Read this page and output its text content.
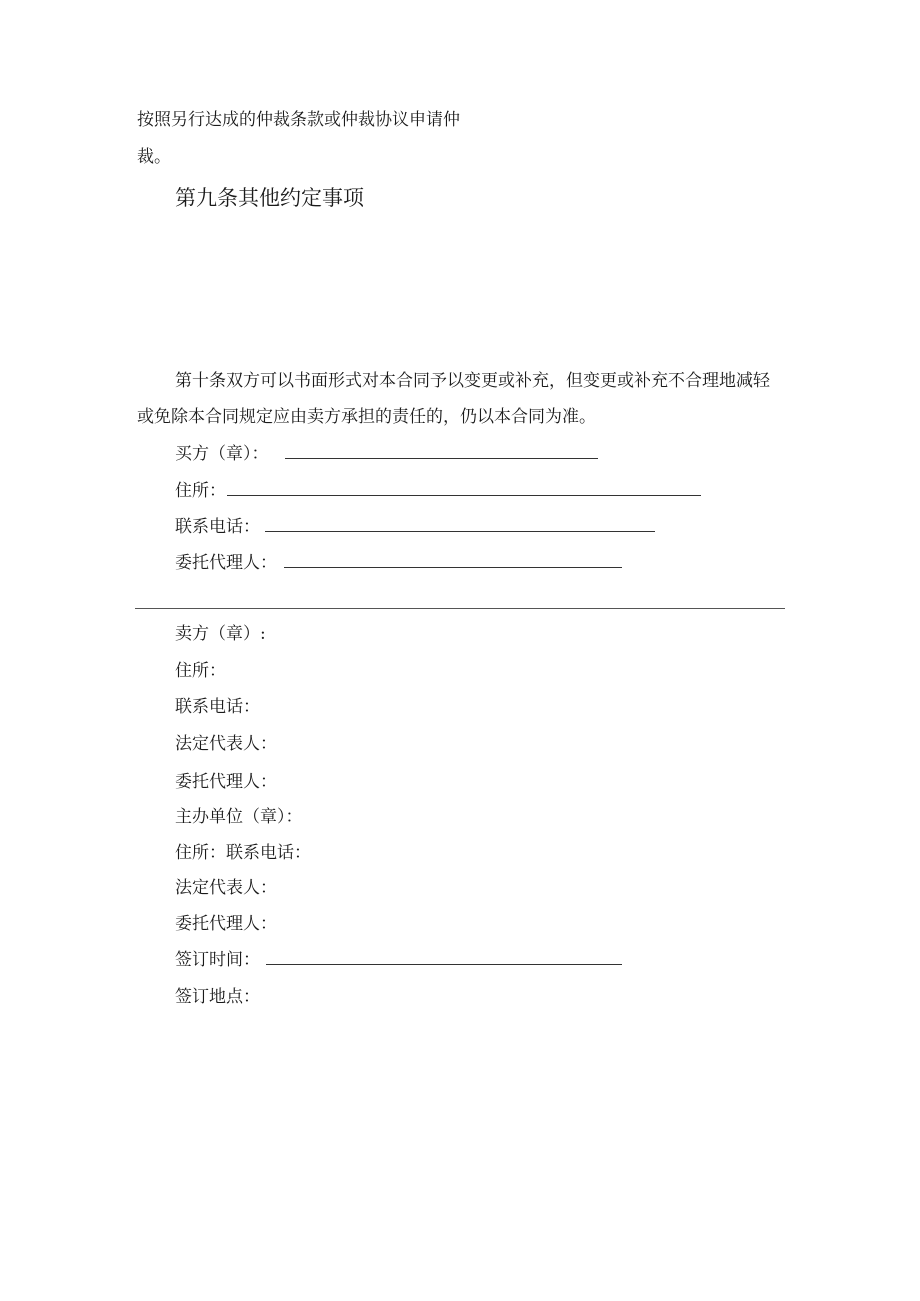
按照另行达成的仲裁条款或仲裁协议申请仲
裁。
第九条其他约定事项
第十条双方可以书面形式对本合同予以变更或补充，但变更或补充不合理地减轻
或免除本合同规定应由卖方承担的责任的，仍以本合同为准。
买方（章）：
住所：
联系电话：
委托代理人：
卖方（章）:
住所：
联系电话：
法定代表人：
委托代理人：
主办单位（章）：
住所：联系电话：
法定代表人：
委托代理人：
签订时间：
签订地点：
